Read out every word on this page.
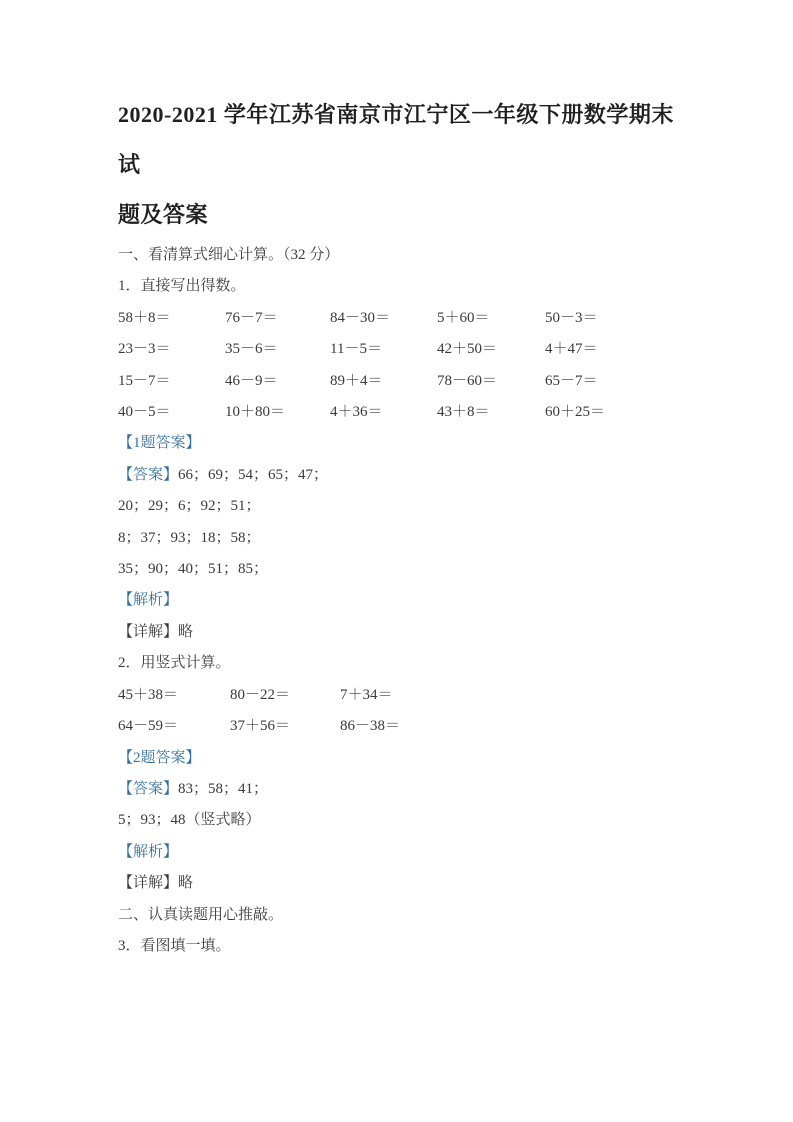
2020-2021 学年江苏省南京市江宁区一年级下册数学期末试
题及答案

一、看清算式细心计算。（32 分）

1．直接写出得数。

58＋8＝	76－7＝	84－30＝	5＋60＝	50－3＝
23－3＝	35－6＝	11－5＝	42＋50＝	4＋47＝
15－7＝	46－9＝	89＋4＝	78－60＝	65－7＝
40－5＝	10＋80＝	4＋36＝	43＋8＝	60＋25＝

【1题答案】

【答案】66；69；54；65；47；

20；29；6；92；51；

8；37；93；18；58；

35；90；40；51；85；

【解析】

【详解】略

2．用竖式计算。

45＋38＝	80－22＝	7＋34＝
64－59＝	37＋56＝	86－38＝

【2题答案】

【答案】83；58；41；

5；93；48（竖式略）

【解析】

【详解】略

二、认真读题用心推敲。

3．看图填一填。
